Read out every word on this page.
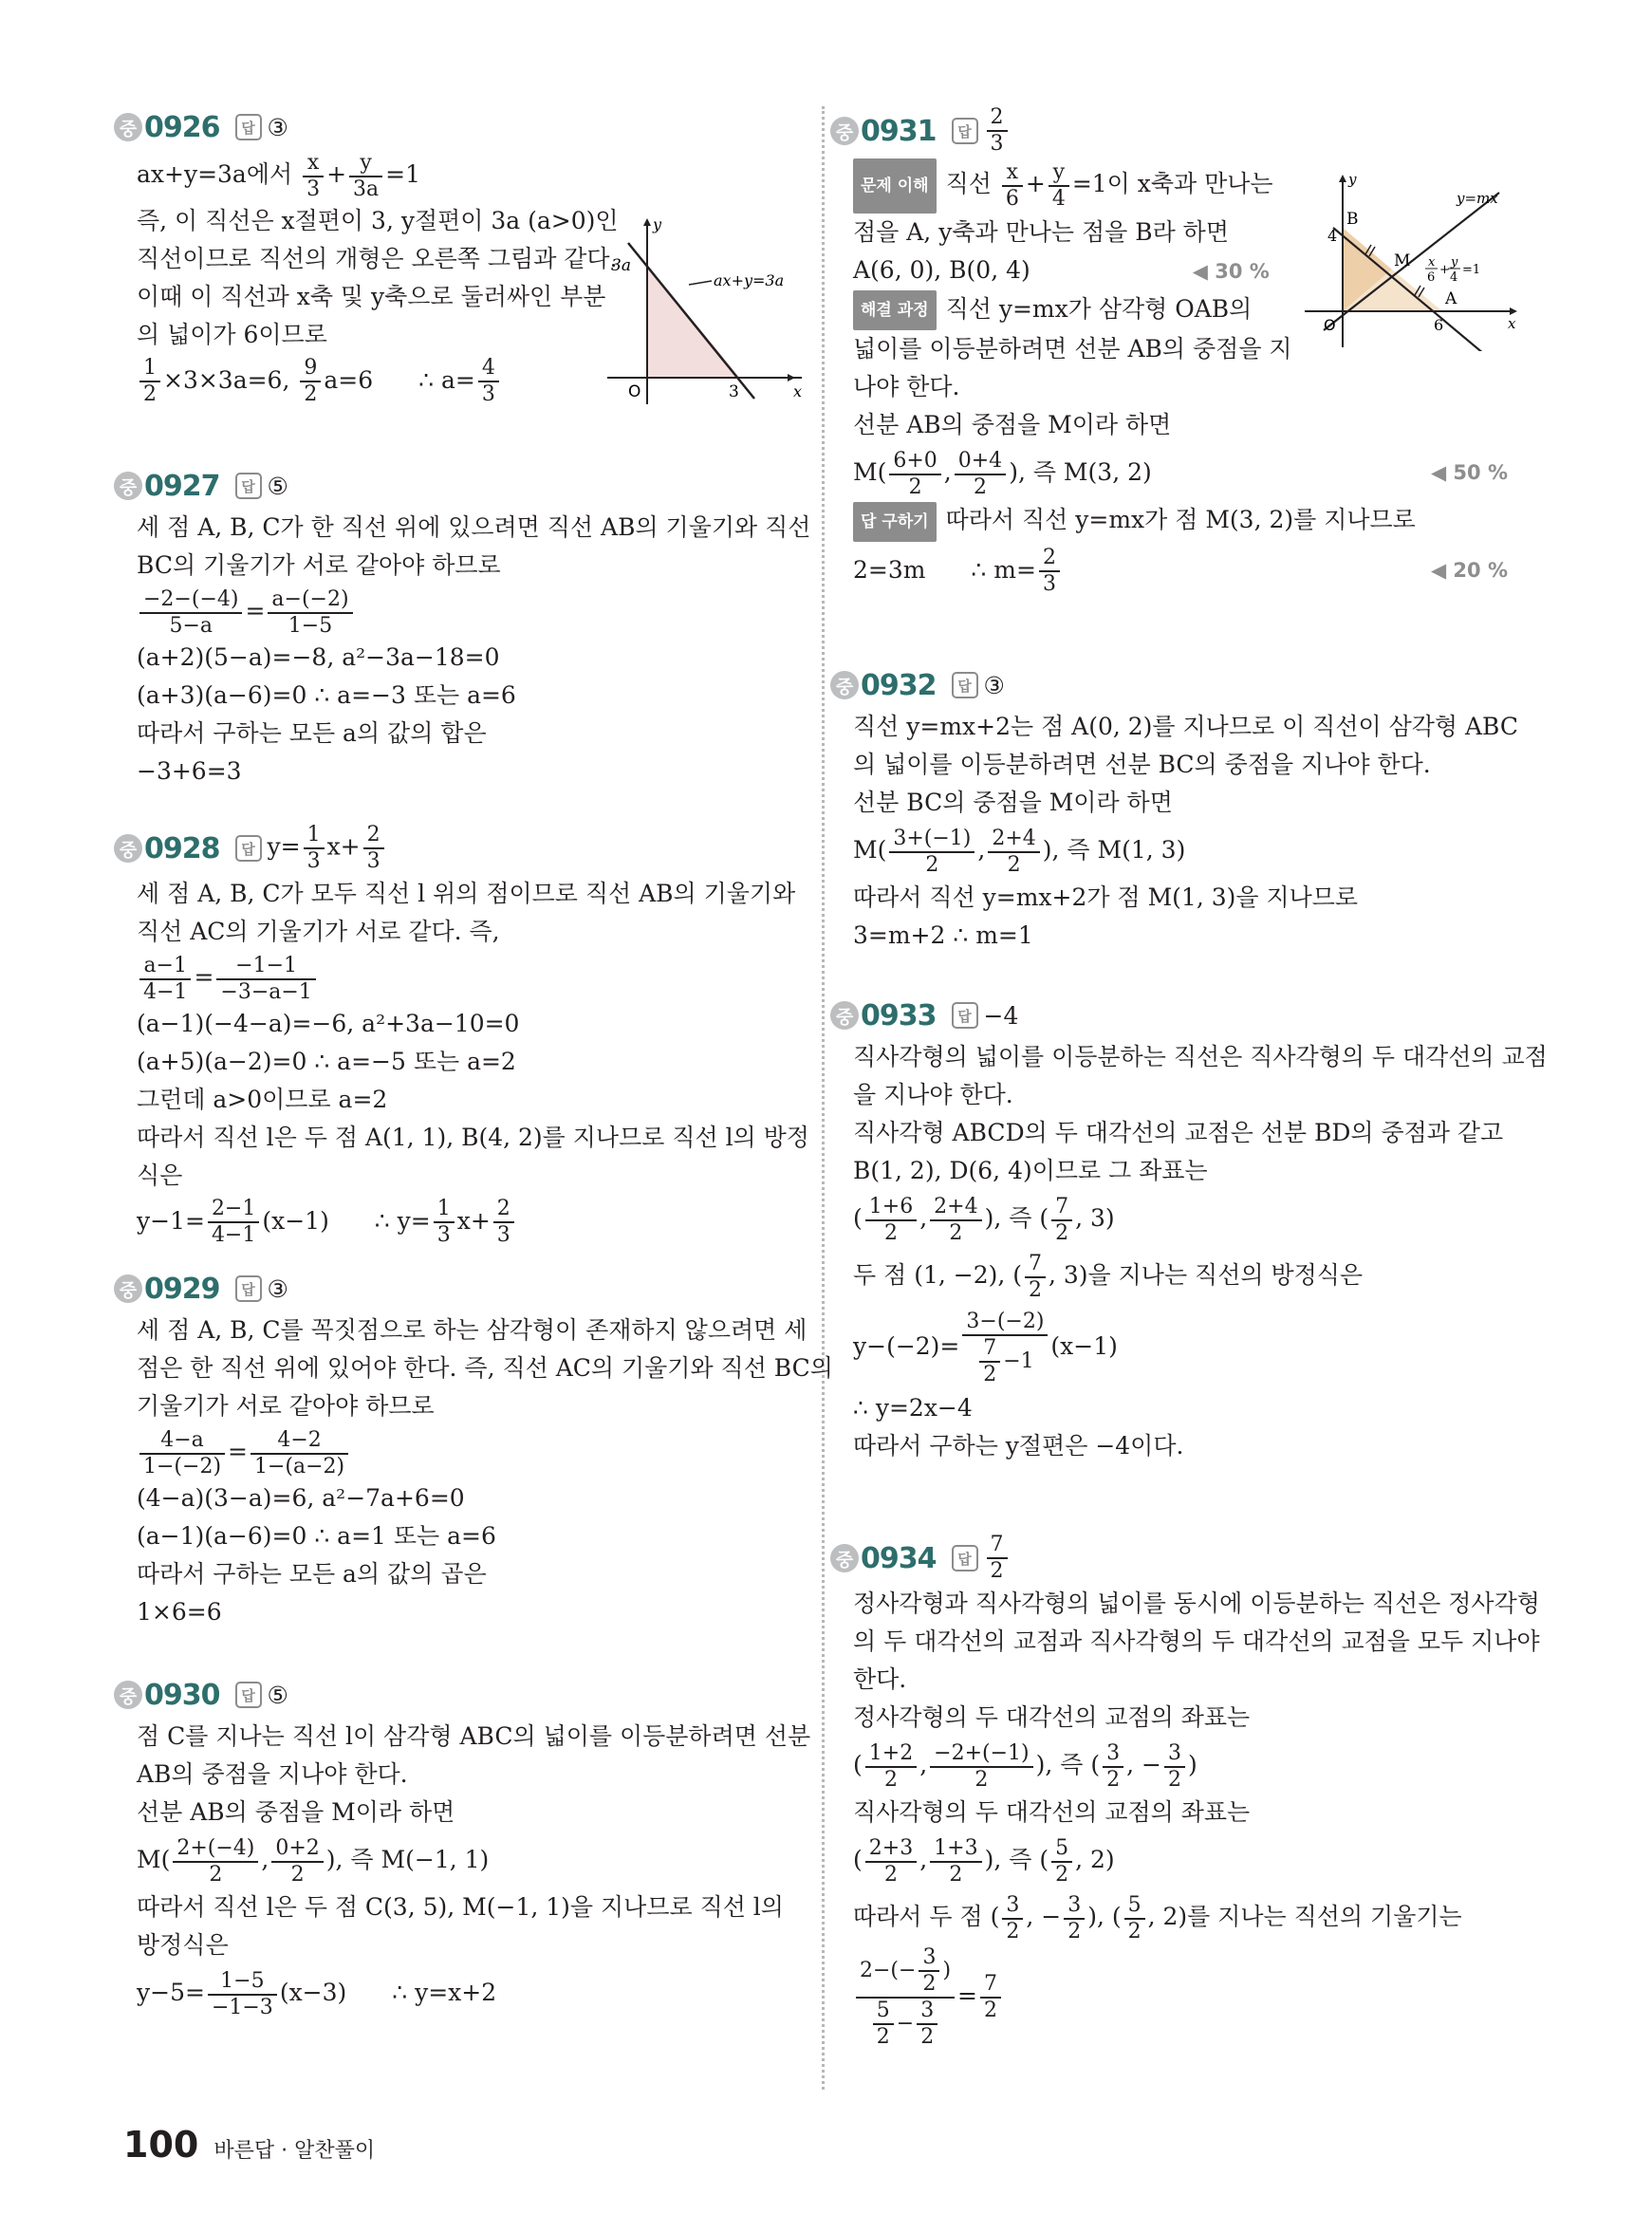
중 0926	답 ③
ax+y=3a에서 $\frac{x}{3} + \frac{y}{3a} =1$
즉, 이 직선은 x절편이 3, y절편이 3a (a>0)인
직선이므로 직선의 개형은 오른쪽 그림과 같다.
이때 이 직선과 x축 및 y축으로 둘러싸인 부분
의 넓이가 6이므로
$\frac{1}{2} \times 3\times 3a=6$, $\frac{9}{2} a=6$ ∴ $a= \frac{4}{3}$
3a
ax+y=3a
O	3	x
y
중 0927	답 ⑤
세 점 A, B, C가 한 직선 위에 있으려면 직선 AB의 기울기와 직선
BC의 기울기가 서로 같아야 하므로
$\frac{-2-(-4)}{5-a} = \frac{a-(-2)}{1-5}$
(a+2)(5−a)=−8, a²−3a−18=0
(a+3)(a−6)=0 ∴ a=−3 또는 a=6
따라서 구하는 모든 a의 값의 합은
−3+6=3
중 0928	답 $y= \frac{1}{3} x+ \frac{2}{3}$
세 점 A, B, C가 모두 직선 l 위의 점이므로 직선 AB의 기울기와
직선 AC의 기울기가 서로 같다. 즉,
$\frac{a-1}{4-1} = \frac{-1-1}{-3-a-1}$
(a−1)(−4−a)=−6, a²+3a−10=0
(a+5)(a−2)=0 ∴ a=−5 또는 a=2
그런데 a>0이므로 a=2
따라서 직선 l은 두 점 A(1, 1), B(4, 2)를 지나므로 직선 l의 방정
식은
$y-1= \frac{2-1}{4-1} (x-1)$ ∴ $y= \frac{1}{3} x+ \frac{2}{3}$
중 0929	답 ③
세 점 A, B, C를 꼭짓점으로 하는 삼각형이 존재하지 않으려면 세
점은 한 직선 위에 있어야 한다. 즉, 직선 AC의 기울기와 직선 BC의
기울기가 서로 같아야 하므로
$\frac{4-a}{1-(-2)} = \frac{4-2}{1-(a-2)}$
(4−a)(3−a)=6, a²−7a+6=0
(a−1)(a−6)=0 ∴ a=1 또는 a=6
따라서 구하는 모든 a의 값의 곱은
1×6=6
중 0930	답 ⑤
점 C를 지나는 직선 l이 삼각형 ABC의 넓이를 이등분하려면 선분
AB의 중점을 지나야 한다.
선분 AB의 중점을 M이라 하면
$M( \frac{2+(-4)}{2}$ , $\frac{0+2}{2}$ ), 즉 M(−1, 1)
따라서 직선 l은 두 점 C(3, 5), M(−1, 1)을 지나므로 직선 l의
방정식은
$y-5= \frac{1-5}{-1-3} (x-3)$ ∴ y=x+2
중 0931	답 $\frac{2}{3}$
문제 이해 직선 $\frac{x}{6} + \frac{y}{4} =1$이 x축과 만나는
점을 A, y축과 만나는 점을 B라 하면
A(6, 0), B(0, 4)	◀ 30 %
해결 과정 직선 y=mx가 삼각형 OAB의
넓이를 이등분하려면 선분 AB의 중점을 지
나야 한다.
선분 AB의 중점을 M이라 하면
$M( \frac{6+0}{2}$ , $\frac{0+4}{2}$ ), 즉 M(3, 2)	◀ 50 %
답 구하기 따라서 직선 y=mx가 점 M(3, 2)를 지나므로
2=3m ∴ $m= \frac{2}{3}$	◀ 20 %
y
x
y=mx
B
4
M
O	6
A
x
6
+
y
4
=1
중 0932	답 ③
직선 y=mx+2는 점 A(0, 2)를 지나므로 이 직선이 삼각형 ABC
의 넓이를 이등분하려면 선분 BC의 중점을 지나야 한다.
선분 BC의 중점을 M이라 하면
$M( \frac{3+(-1)}{2}$ , $\frac{2+4}{2}$ ), 즉 M(1, 3)
따라서 직선 y=mx+2가 점 M(1, 3)을 지나므로
3=m+2 ∴ m=1
중 0933	답 −4
직사각형의 넓이를 이등분하는 직선은 직사각형의 두 대각선의 교점
을 지나야 한다.
직사각형 ABCD의 두 대각선의 교점은 선분 BD의 중점과 같고
B(1, 2), D(6, 4)이므로 그 좌표는
( $\frac{1+6}{2}$ , $\frac{2+4}{2}$ ), 즉 ( $\frac{7}{2}$ , 3)
두 점 (1, −2), ( $\frac{7}{2}$ , 3)을 지나는 직선의 방정식은
$y-(-2)= \frac{3-(-2)}{\frac{7}{2} -1} (x-1)$
∴ y=2x−4
따라서 구하는 y절편은 −4이다.
중 0934	답 $\frac{7}{2}$
정사각형과 직사각형의 넓이를 동시에 이등분하는 직선은 정사각형
의 두 대각선의 교점과 직사각형의 두 대각선의 교점을 모두 지나야
한다.
정사각형의 두 대각선의 교점의 좌표는
( $\frac{1+2}{2}$ , $\frac{-2+(-1)}{2}$ ), 즉 ( $\frac{3}{2}$ , − $\frac{3}{2}$ )
직사각형의 두 대각선의 교점의 좌표는
( $\frac{2+3}{2}$ , $\frac{1+3}{2}$ ), 즉 ( $\frac{5}{2}$ , 2)
따라서 두 점 ( $\frac{3}{2}$ , − $\frac{3}{2}$ ), ( $\frac{5}{2}$ , 2)를 지나는 직선의 기울기는
$\frac{2-(- \frac{3}{2} )}{\frac{5}{2} - \frac{3}{2}} = \frac{7}{2}$
100 바른답 · 알찬풀이
